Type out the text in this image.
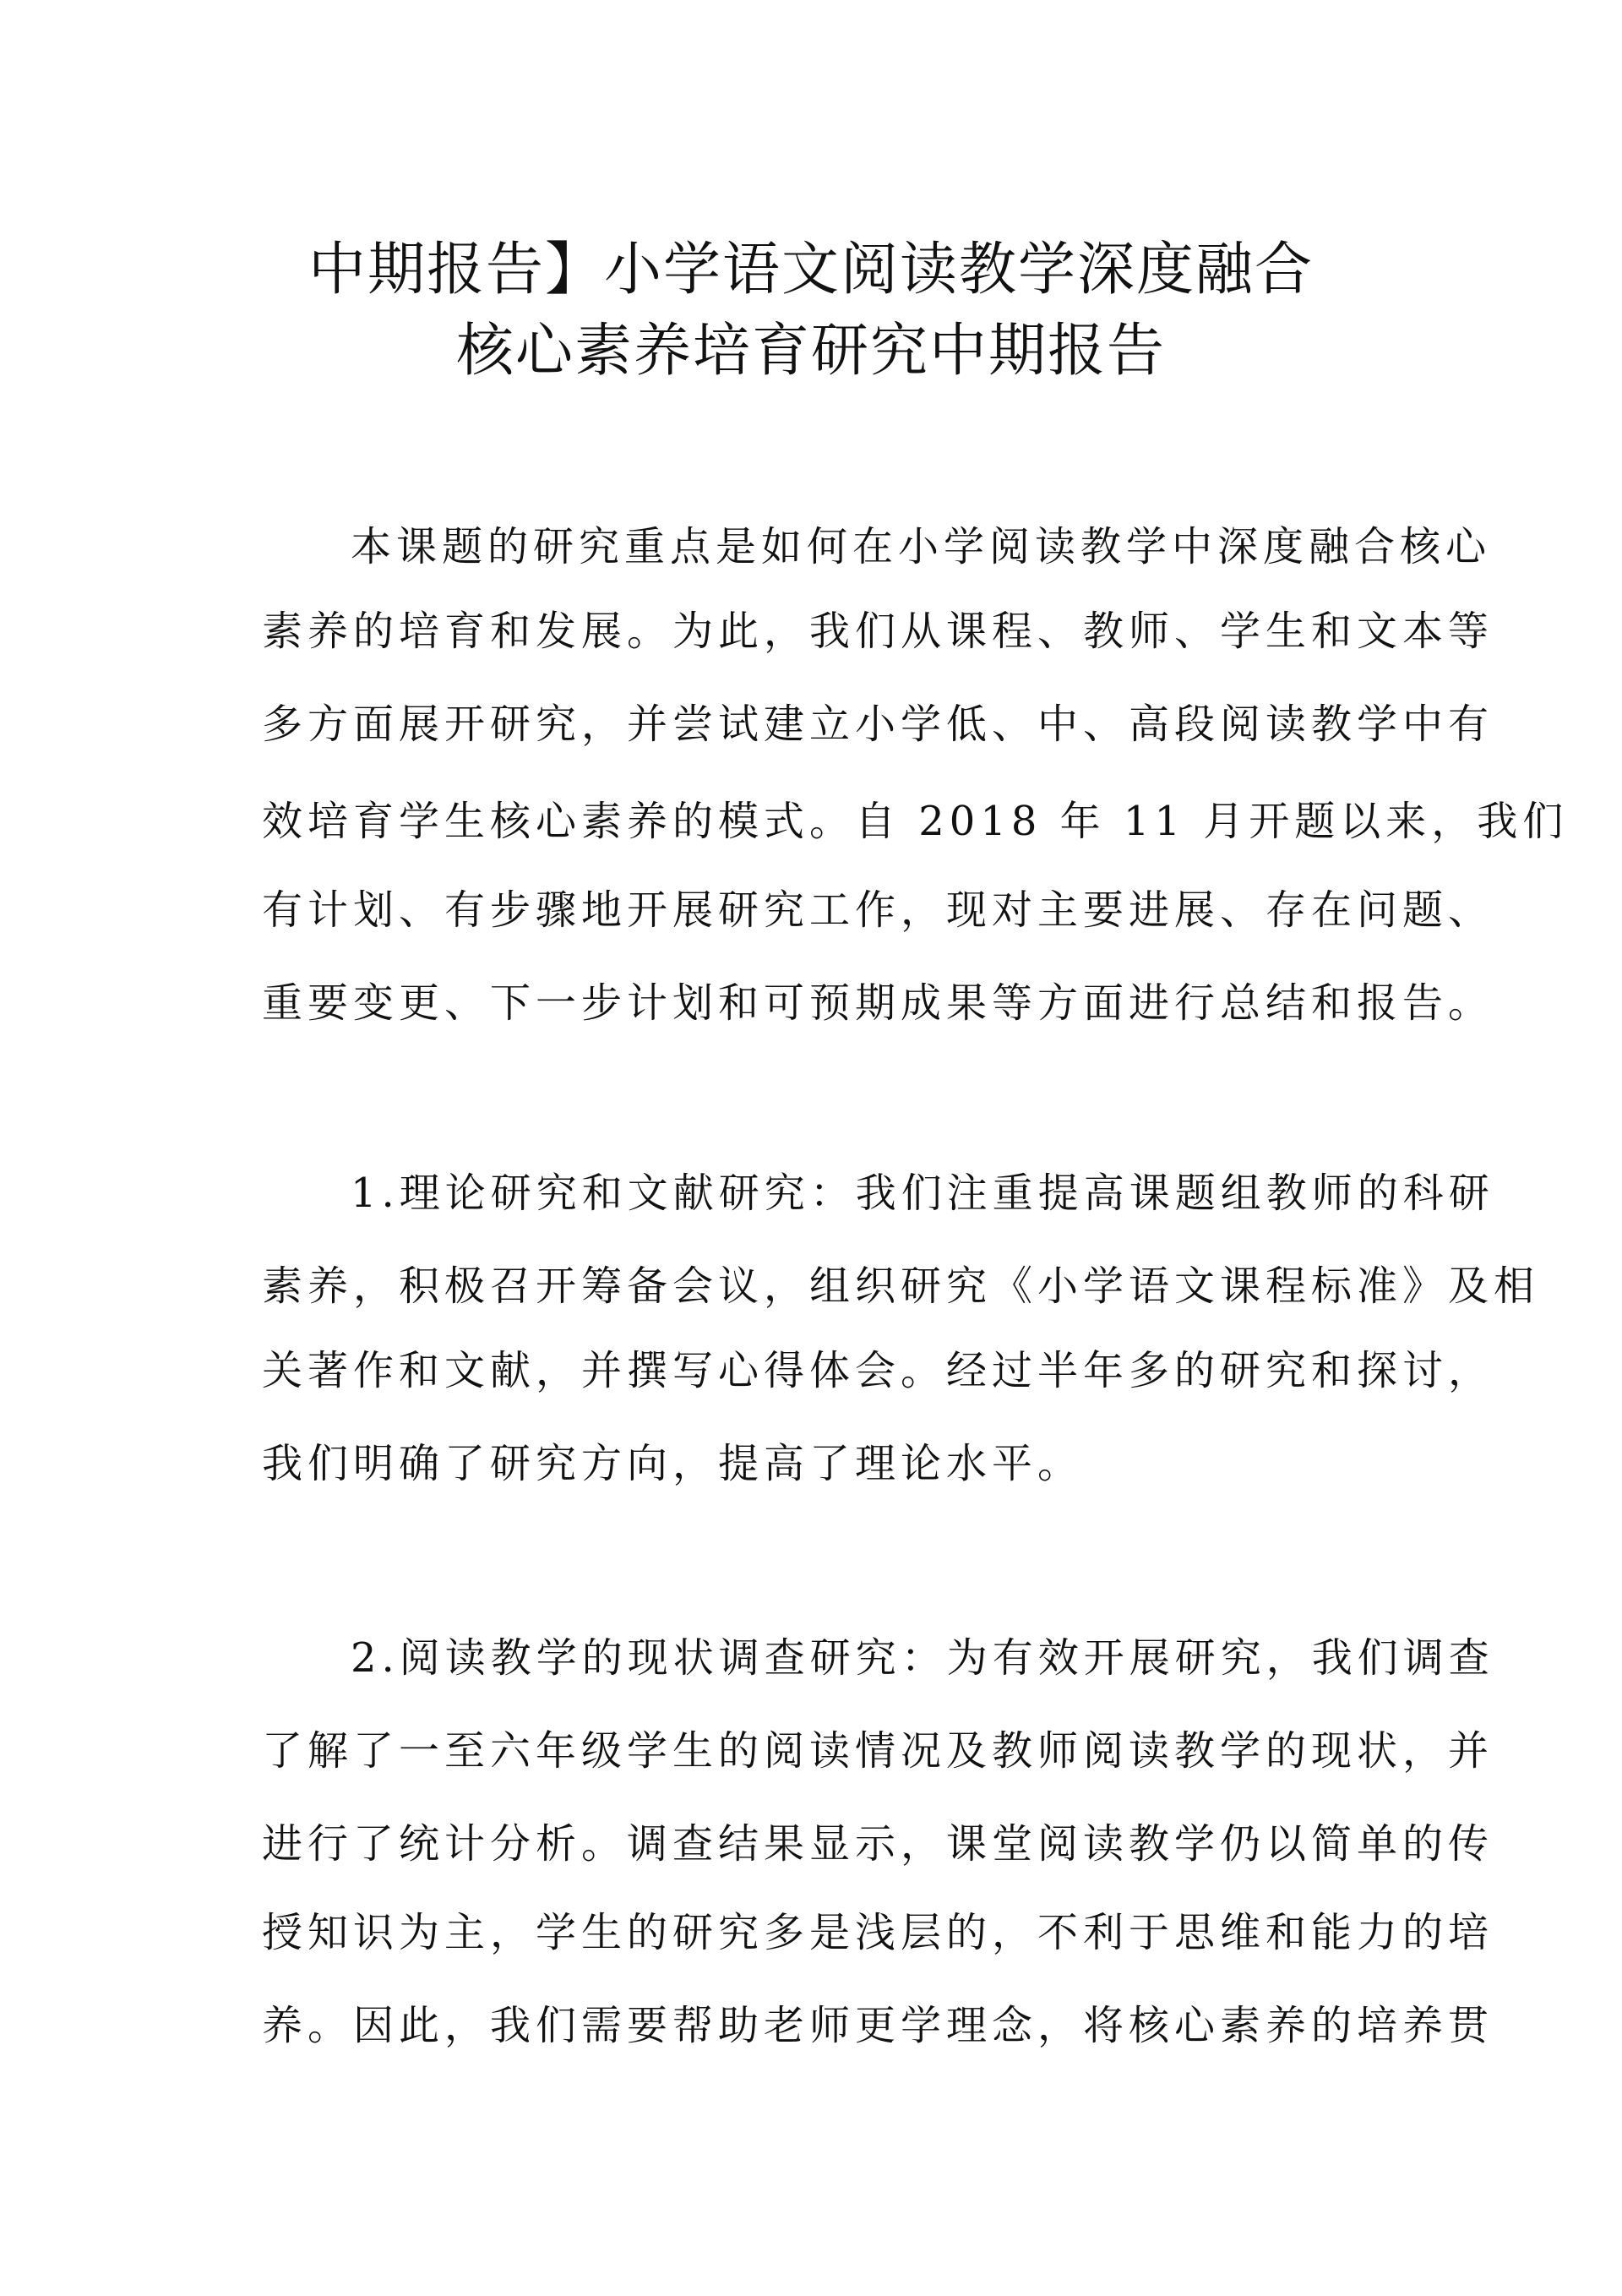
中期报告】小学语文阅读教学深度融合
核心素养培育研究中期报告

本课题的研究重点是如何在小学阅读教学中深度融合核心

素养的培育和发展。为此，我们从课程、教师、学生和文本等

多方面展开研究，并尝试建立小学低、中、高段阅读教学中有

效培育学生核心素养的模式。自 2018 年 11 月开题以来，我们

有计划、有步骤地开展研究工作，现对主要进展、存在问题、

重要变更、下一步计划和可预期成果等方面进行总结和报告。

1.理论研究和文献研究：我们注重提高课题组教师的科研

素养，积极召开筹备会议，组织研究《小学语文课程标准》及相

关著作和文献，并撰写心得体会。经过半年多的研究和探讨，

我们明确了研究方向，提高了理论水平。

2.阅读教学的现状调查研究：为有效开展研究，我们调查

了解了一至六年级学生的阅读情况及教师阅读教学的现状，并

进行了统计分析。调查结果显示，课堂阅读教学仍以简单的传

授知识为主，学生的研究多是浅层的，不利于思维和能力的培

养。因此，我们需要帮助老师更学理念，将核心素养的培养贯
